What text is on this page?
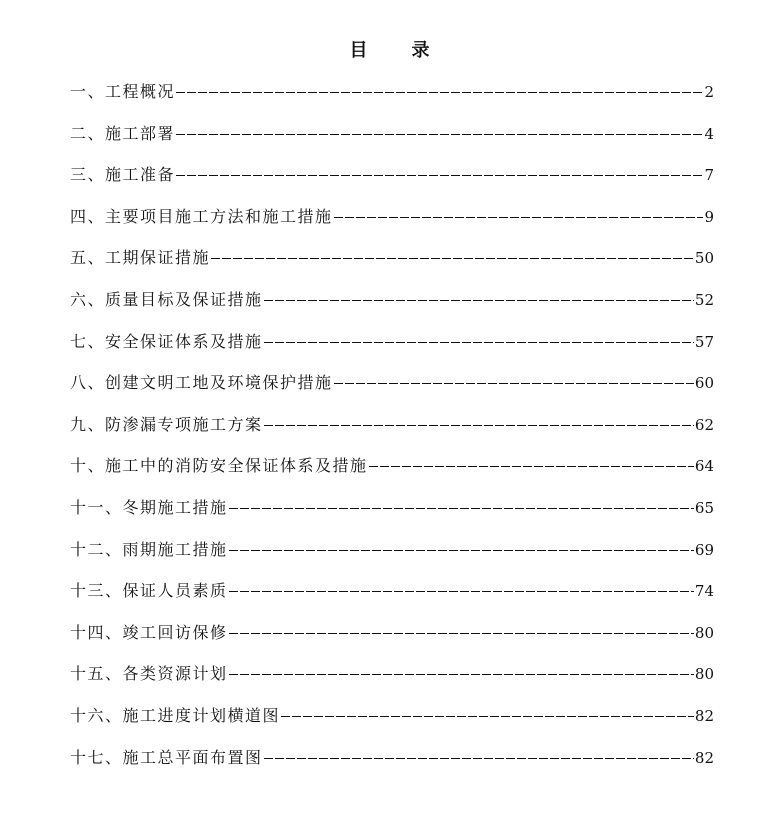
目 录
一、工程概况	2
二、施工部署	4
三、施工准备	7
四、主要项目施工方法和施工措施	9
五、工期保证措施	50
六、质量目标及保证措施	52
七、安全保证体系及措施	57
八、创建文明工地及环境保护措施	60
九、防渗漏专项施工方案	62
十、施工中的消防安全保证体系及措施	64
十一、冬期施工措施	65
十二、雨期施工措施	69
十三、保证人员素质	74
十四、竣工回访保修	80
十五、各类资源计划	80
十六、施工进度计划横道图	82
十七、施工总平面布置图	82
